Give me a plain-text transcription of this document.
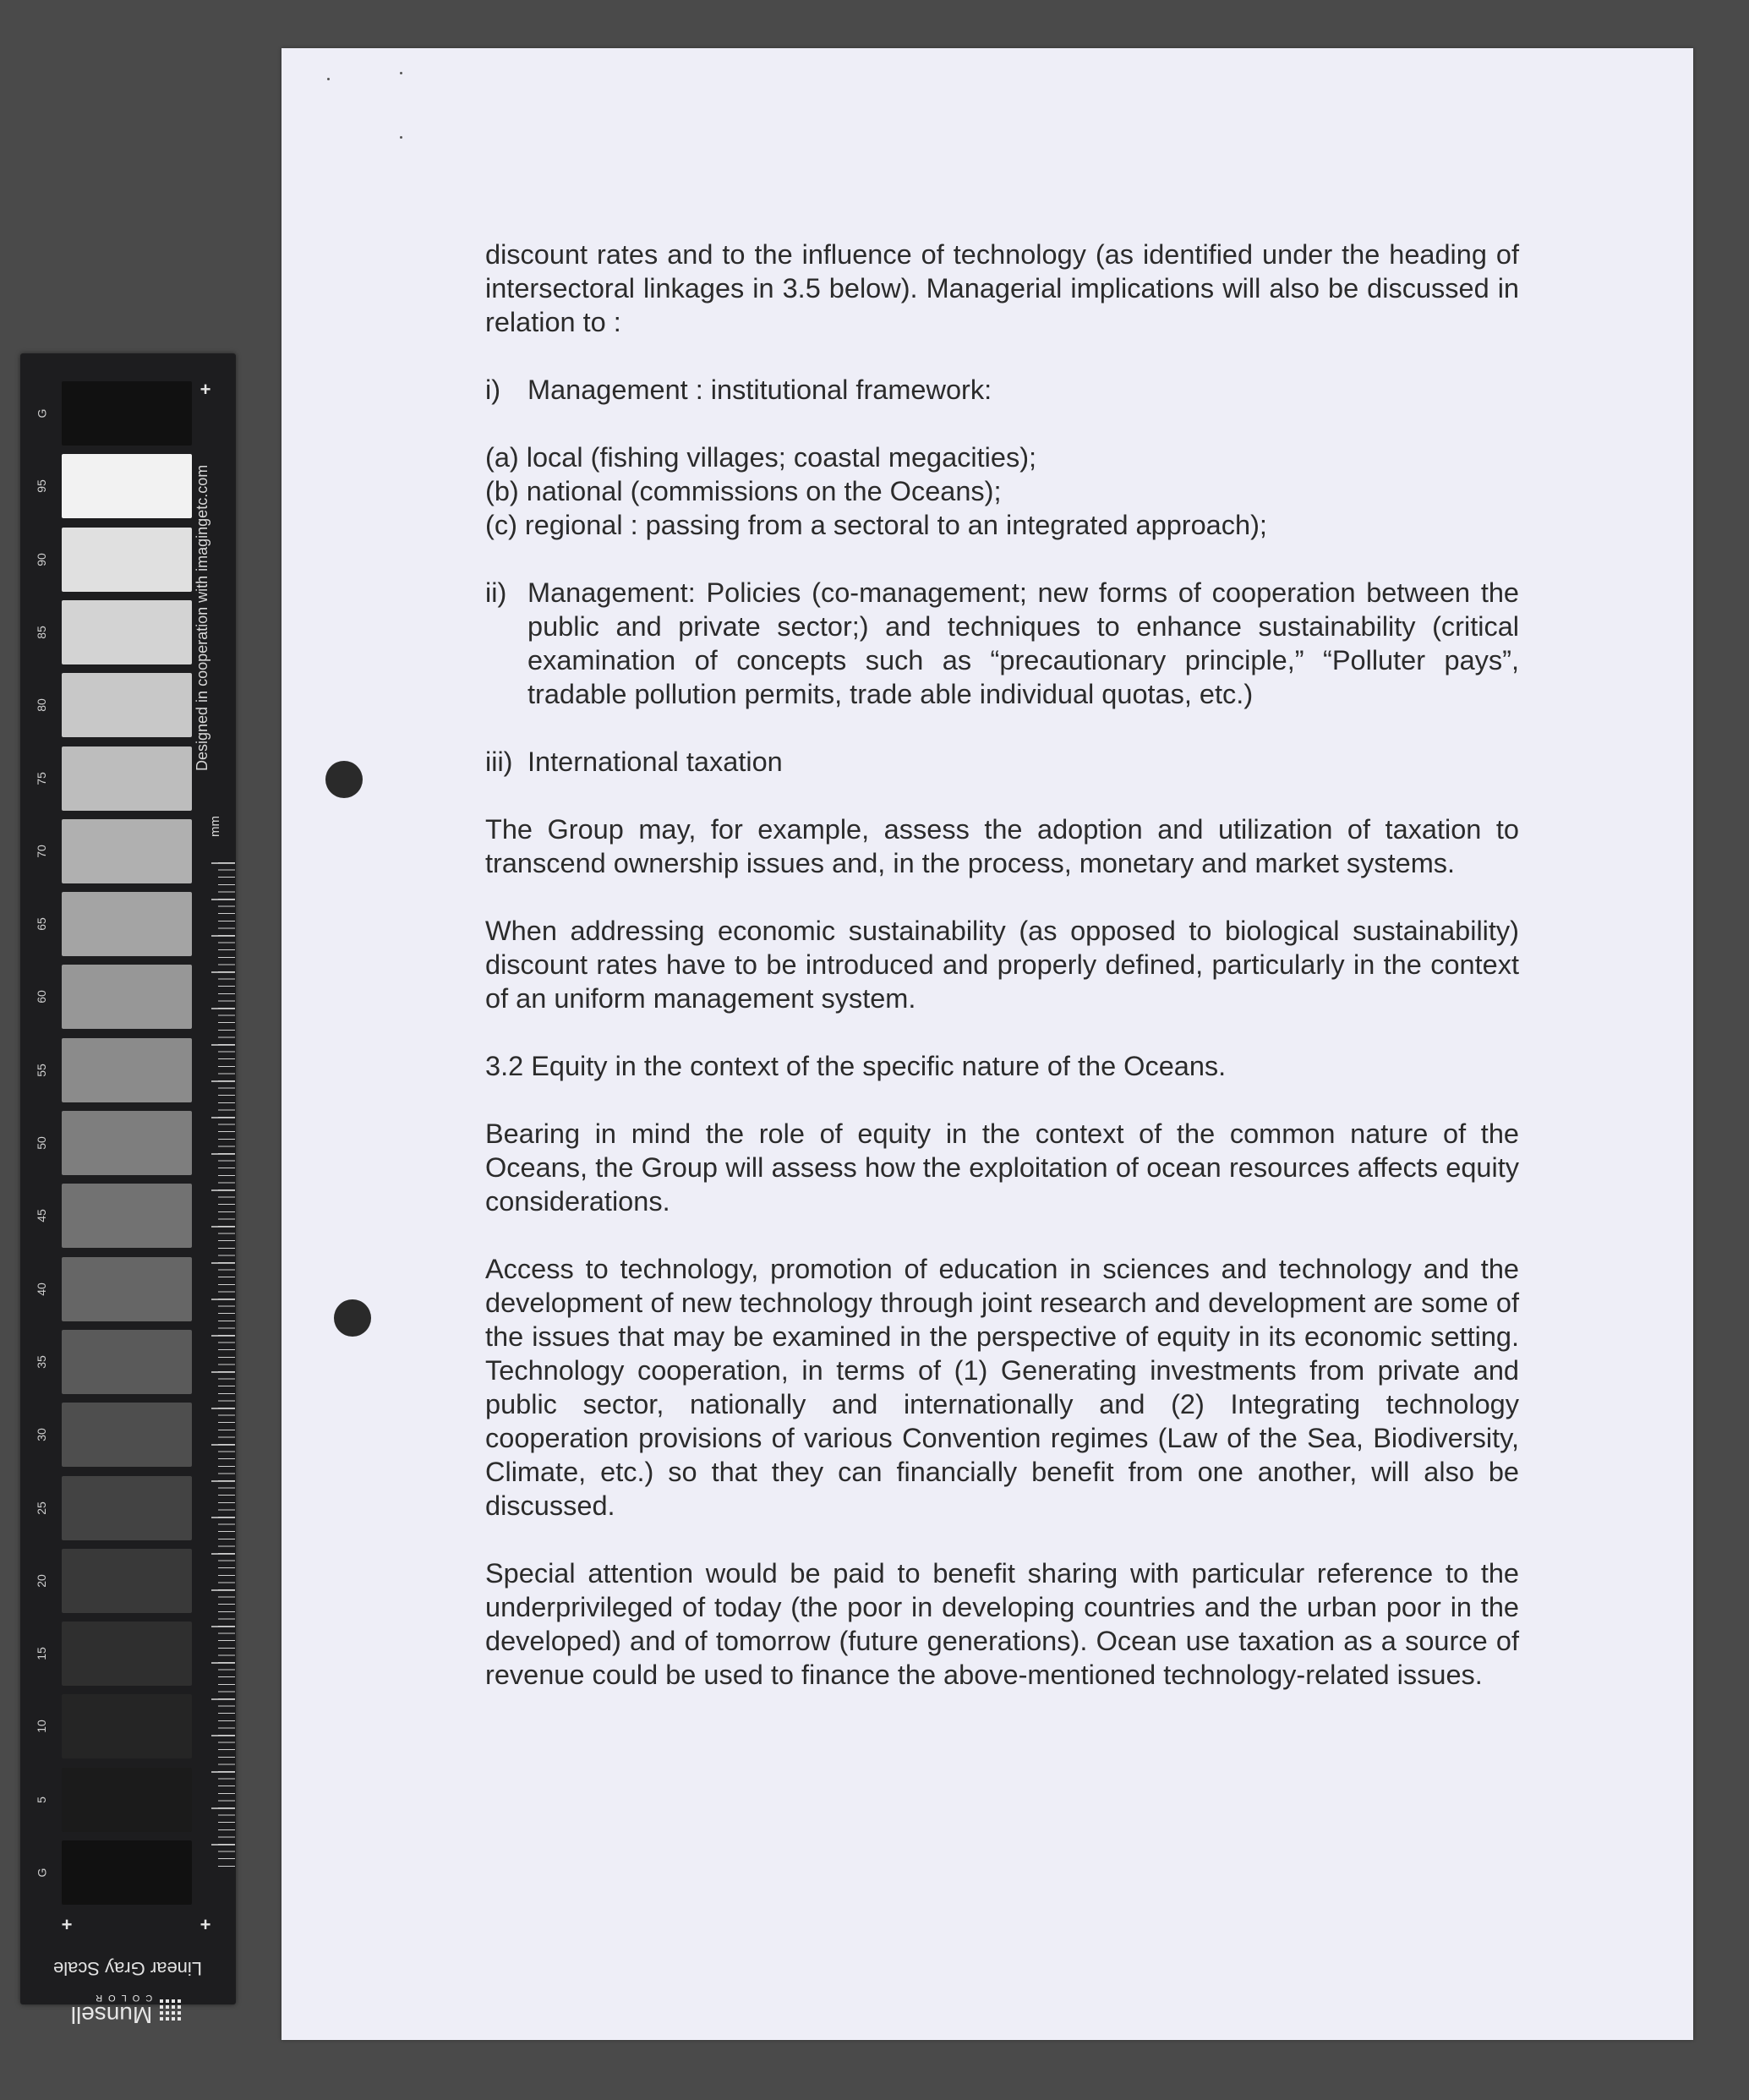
+
G
95
90
85
80
75
70
65
60
55
50
45
40
35
30
25
20
15
10
5
G
+	+
Designed in cooperation with imagingetc.com
mm
Linear Gray Scale
Munsell
COLOR

discount rates and to the influence of technology (as identified under the heading of intersectoral linkages in 3.5 below). Managerial implications will also be discussed in relation to :

i) Management : institutional framework:

(a) local (fishing villages; coastal megacities);

(b) national (commissions on the Oceans);

(c) regional : passing from a sectoral to an integrated approach);

ii) Management: Policies (co-management; new forms of cooperation between the public and private sector;) and techniques to enhance sustainability (critical examination of concepts such as “precautionary principle,” “Polluter pays”, tradable pollution permits, trade able individual quotas, etc.)

iii) International taxation

The Group may, for example, assess the adoption and utilization of taxation to transcend ownership issues and, in the process, monetary and market systems.

When addressing economic sustainability (as opposed to biological sustainability) discount rates have to be introduced and properly defined, particularly in the context of an uniform management system.

3.2 Equity in the context of the specific nature of the Oceans.

Bearing in mind the role of equity in the context of the common nature of the Oceans, the Group will assess how the exploitation of ocean resources affects equity considerations.

Access to technology, promotion of education in sciences and technology and the development of new technology through joint research and development are some of the issues that may be examined in the perspective of equity in its economic setting. Technology cooperation, in terms of (1) Generating investments from private and public sector, nationally and internationally and (2) Integrating technology cooperation provisions of various Convention regimes (Law of the Sea, Biodiversity, Climate, etc.) so that they can financially benefit from one another, will also be discussed.

Special attention would be paid to benefit sharing with particular reference to the underprivileged of today (the poor in developing countries and the urban poor in the developed) and of tomorrow (future generations). Ocean use taxation as a source of revenue could be used to finance the above-mentioned technology-related issues.
